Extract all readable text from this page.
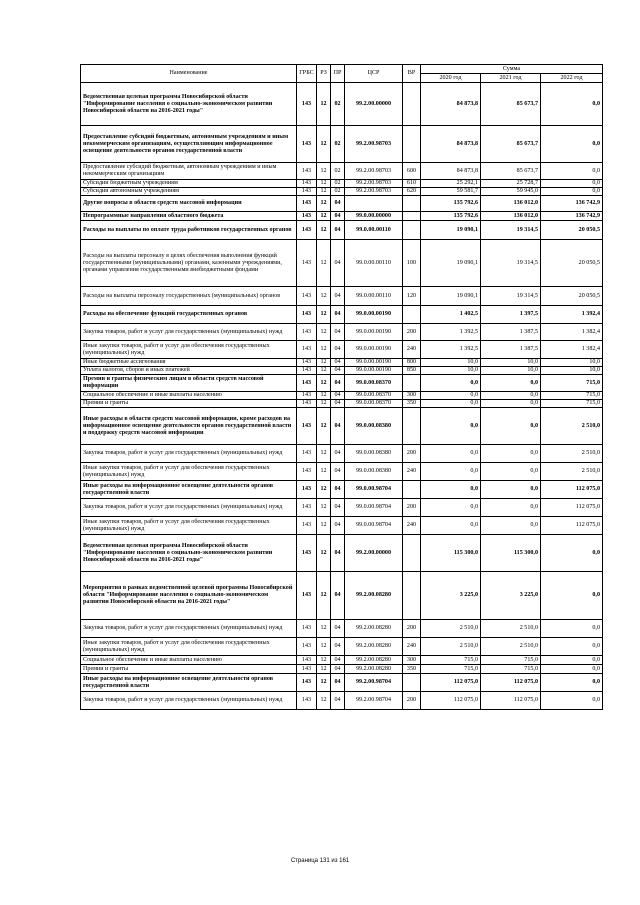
Наименование	ГРБС	РЗ	ПР	ЦСР	ВР	Сумма		
						2020 год	2021 год	2022 год
Ведомственная целевая программа Новосибирской области "Информирование населения о социально-экономическом развитии Новосибирской области на 2016-2021 годы"	143	12	02	99.2.00.00000		84 873,8	85 673,7	0,0
Предоставление субсидий бюджетным, автономным учреждениям и иным некоммерческим организациям, осуществляющим информационное освещение деятельности органов государственной власти	143	12	02	99.2.00.98703		84 873,8	85 673,7	0,0
Предоставление субсидий бюджетным, автономным учреждениям и иным некоммерческим организациям	143	12	02	99.2.00.98703	600	84 873,8	85 673,7	0,0
Субсидии бюджетным учреждениям	143	12	02	99.2.00.98703	610	25 292,1	25 728,7	0,0
Субсидии автономным учреждениям	143	12	02	99.2.00.98703	620	59 581,7	59 945,0	0,0
Другие вопросы в области средств массовой информации	143	12	04			135 792,6	136 012,0	136 742,9
Непрограммные направления областного бюджета	143	12	04	99.0.00.00000		135 792,6	136 012,0	136 742,9
Расходы на выплаты по оплате труда работников государственных органов	143	12	04	99.0.00.00110		19 090,1	19 314,5	20 050,5
Расходы на выплаты персоналу в целях обеспечения выполнения функций государственными (муниципальными) органами, казенными учреждениями, органами управления государственными внебюджетными фондами	143	12	04	99.0.00.00110	100	19 090,1	19 314,5	20 050,5
Расходы на выплаты персоналу государственных (муниципальных) органов	143	12	04	99.0.00.00110	120	19 090,1	19 314,5	20 050,5
Расходы на обеспечение функций государственных органов	143	12	04	99.0.00.00190		1 402,5	1 397,5	1 392,4
Закупка товаров, работ и услуг для государственных (муниципальных) нужд	143	12	04	99.0.00.00190	200	1 392,5	1 387,5	1 382,4
Иные закупки товаров, работ и услуг для обеспечения государственных (муниципальных) нужд	143	12	04	99.0.00.00190	240	1 392,5	1 387,5	1 382,4
Иные бюджетные ассигнования	143	12	04	99.0.00.00190	800	10,0	10,0	10,0
Уплата налогов, сборов и иных платежей	143	12	04	99.0.00.00190	850	10,0	10,0	10,0
Премии и гранты физическим лицам в области средств массовой информации	143	12	04	99.0.00.08370		0,0	0,0	715,0
Социальное обеспечение и иные выплаты населению	143	12	04	99.0.00.08370	300	0,0	0,0	715,0
Премии и гранты	143	12	04	99.0.00.08370	350	0,0	0,0	715,0
Иные расходы в области средств массовой информации, кроме расходов на информационное освещение деятельности органов государственной власти и поддержку средств массовой информации	143	12	04	99.0.00.08380		0,0	0,0	2 510,0
Закупка товаров, работ и услуг для государственных (муниципальных) нужд	143	12	04	99.0.00.08380	200	0,0	0,0	2 510,0
Иные закупки товаров, работ и услуг для обеспечения государственных (муниципальных) нужд	143	12	04	99.0.00.08380	240	0,0	0,0	2 510,0
Иные расходы на информационное освещение деятельности органов государственной власти	143	12	04	99.0.00.98704		0,0	0,0	112 075,0
Закупка товаров, работ и услуг для государственных (муниципальных) нужд	143	12	04	99.0.00.98704	200	0,0	0,0	112 075,0
Иные закупки товаров, работ и услуг для обеспечения государственных (муниципальных) нужд	143	12	04	99.0.00.98704	240	0,0	0,0	112 075,0
Ведомственная целевая программа Новосибирской области "Информирование населения о социально-экономическом развитии Новосибирской области на 2016-2021 годы"	143	12	04	99.2.00.00000		115 300,0	115 300,0	0,0
Мероприятия в рамках ведомственной целевой программы Новосибирской области "Информирование населения о социально-экономическом развитии Новосибирской области на 2016-2021 годы"	143	12	04	99.2.00.08280		3 225,0	3 225,0	0,0
Закупка товаров, работ и услуг для государственных (муниципальных) нужд	143	12	04	99.2.00.08280	200	2 510,0	2 510,0	0,0
Иные закупки товаров, работ и услуг для обеспечения государственных (муниципальных) нужд	143	12	04	99.2.00.08280	240	2 510,0	2 510,0	0,0
Социальное обеспечение и иные выплаты населению	143	12	04	99.2.00.08280	300	715,0	715,0	0,0
Премии и гранты	143	12	04	99.2.00.08280	350	715,0	715,0	0,0
Иные расходы на информационное освещение деятельности органов государственной власти	143	12	04	99.2.00.98704		112 075,0	112 075,0	0,0
Закупка товаров, работ и услуг для государственных (муниципальных) нужд	143	12	04	99.2.00.98704	200	112 075,0	112 075,0	0,0
Страница 131 из 161
